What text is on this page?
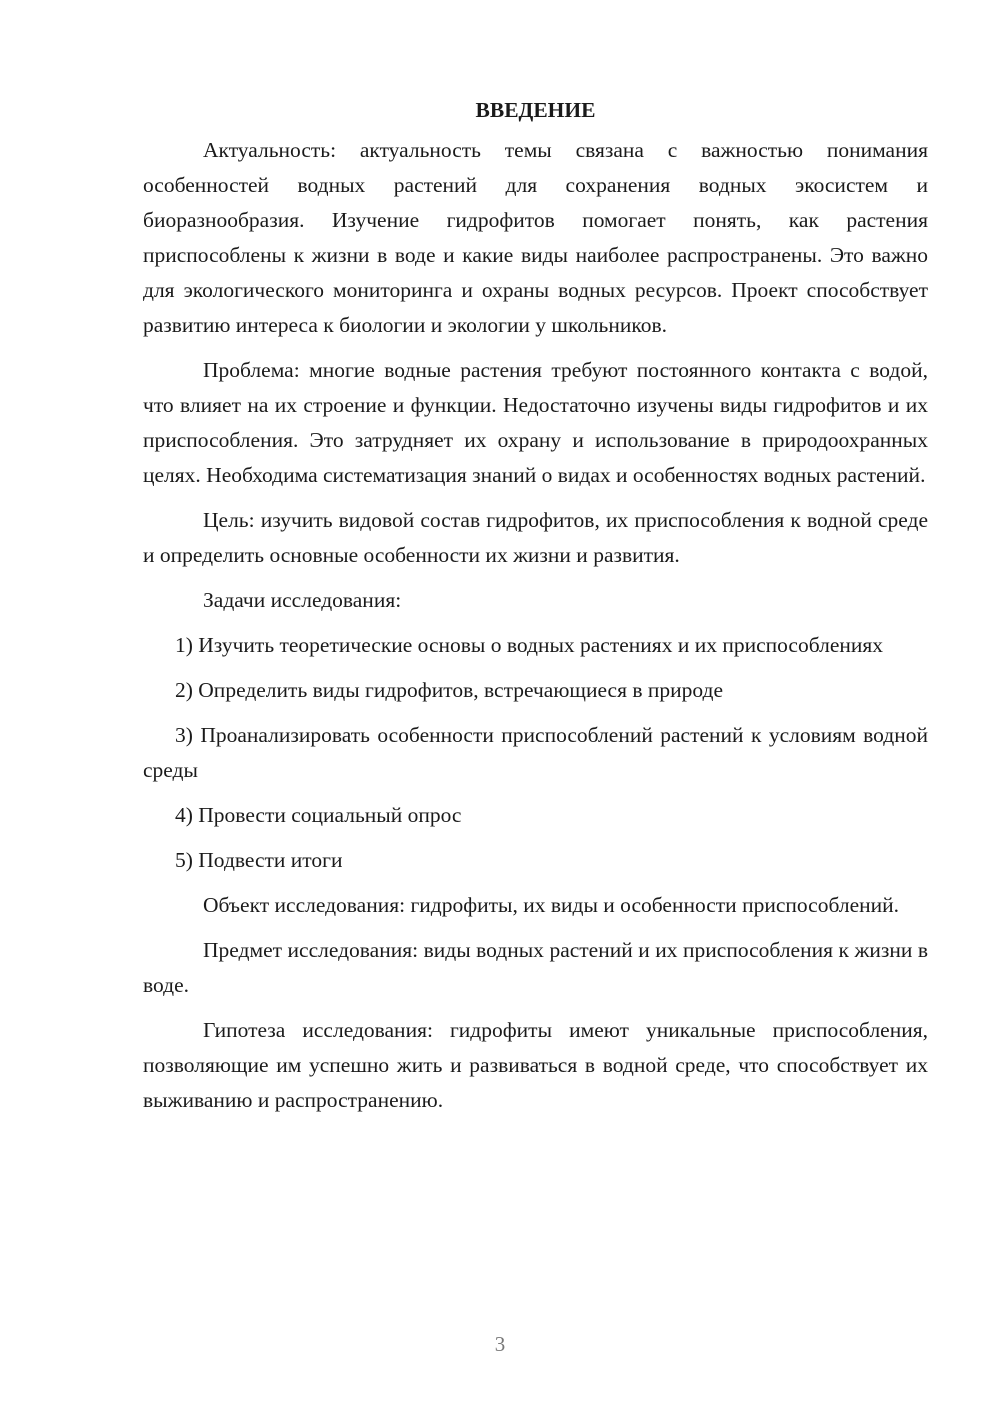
ВВЕДЕНИЕ

Актуальность: актуальность темы связана с важностью понимания особенностей водных растений для сохранения водных экосистем и биоразнообразия. Изучение гидрофитов помогает понять, как растения приспособлены к жизни в воде и какие виды наиболее распространены. Это важно для экологического мониторинга и охраны водных ресурсов. Проект способствует развитию интереса к биологии и экологии у школьников.

Проблема: многие водные растения требуют постоянного контакта с водой, что влияет на их строение и функции. Недостаточно изучены виды гидрофитов и их приспособления. Это затрудняет их охрану и использование в природоохранных целях. Необходима систематизация знаний о видах и особенностях водных растений.

Цель: изучить видовой состав гидрофитов, их приспособления к водной среде и определить основные особенности их жизни и развития.

Задачи исследования:

1) Изучить теоретические основы о водных растениях и их приспособлениях

2) Определить виды гидрофитов, встречающиеся в природе

3) Проанализировать особенности приспособлений растений к условиям водной среды

4) Провести социальный опрос

5) Подвести итоги

Объект исследования: гидрофиты, их виды и особенности приспособлений.

Предмет исследования: виды водных растений и их приспособления к жизни в воде.

Гипотеза исследования: гидрофиты имеют уникальные приспособления, позволяющие им успешно жить и развиваться в водной среде, что способствует их выживанию и распространению.

3
